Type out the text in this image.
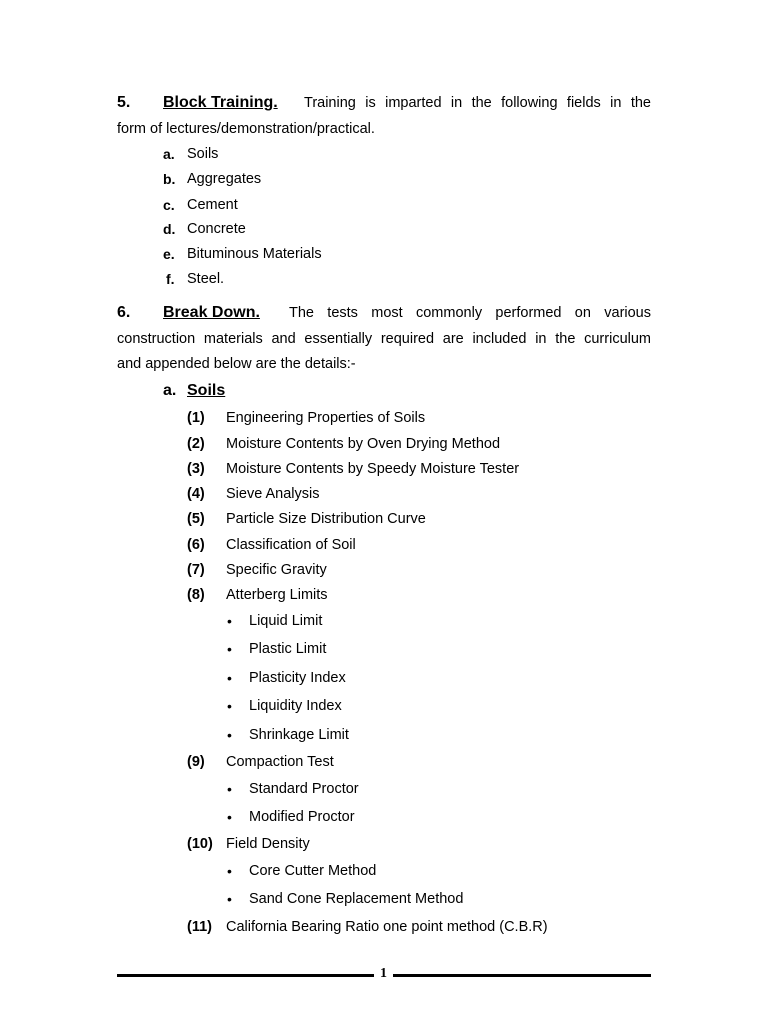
5. Block Training. Training is imparted in the following fields in the
form of lectures/demonstration/practical.
a. Soils
b. Aggregates
c. Cement
d. Concrete
e. Bituminous Materials
f. Steel.
6. Break Down. The tests most commonly performed on various
construction materials and essentially required are included in the curriculum
and appended below are the details:-
a. Soils
(1) Engineering Properties of Soils
(2) Moisture Contents by Oven Drying Method
(3) Moisture Contents by Speedy Moisture Tester
(4) Sieve Analysis
(5) Particle Size Distribution Curve
(6) Classification of Soil
(7) Specific Gravity
(8) Atterberg Limits
• Liquid Limit
• Plastic Limit
• Plasticity Index
• Liquidity Index
• Shrinkage Limit
(9) Compaction Test
• Standard Proctor
• Modified Proctor
(10) Field Density
• Core Cutter Method
• Sand Cone Replacement Method
(11) California Bearing Ratio one point method (C.B.R)
1
